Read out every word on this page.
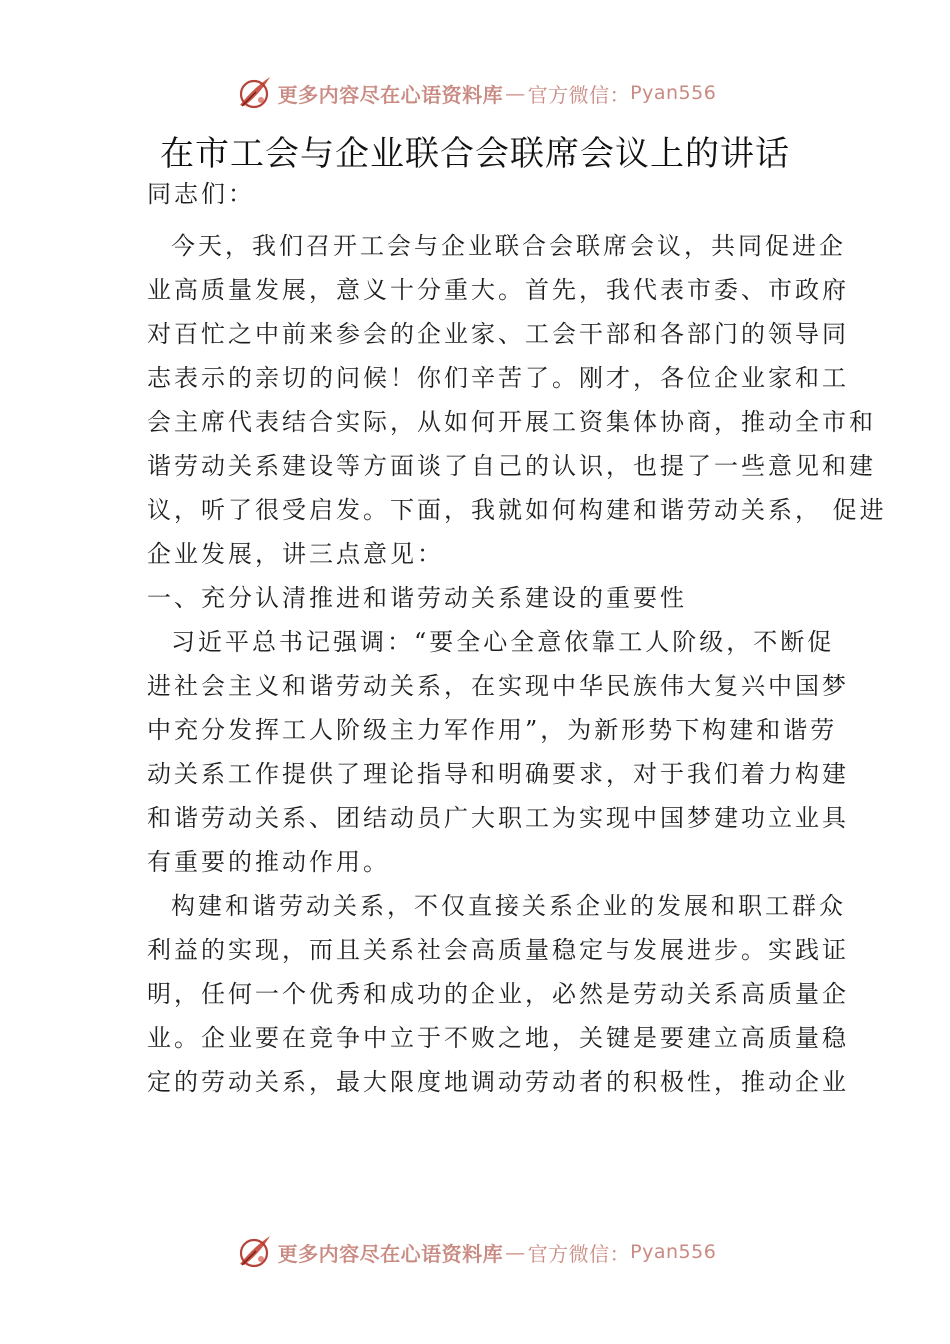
更多内容尽在心语资料库 — 官方微信： Pyan556
在市工会与企业联合会联席会议上的讲话
同志们：

今天，我们召开工会与企业联合会联席会议，共同促进企
业高质量发展，意义十分重大。首先，我代表市委、市政府
对百忙之中前来参会的企业家、工会干部和各部门的领导同
志表示的亲切的问候！你们辛苦了。刚才，各位企业家和工
会主席代表结合实际，从如何开展工资集体协商，推动全市和
谐劳动关系建设等方面谈了自己的认识，也提了一些意见和建
议，听了很受启发。下面，我就如何构建和谐劳动关系， 促进
企业发展，讲三点意见：

一、充分认清推进和谐劳动关系建设的重要性

习近平总书记强调：“要全心全意依靠工人阶级，不断促
进社会主义和谐劳动关系，在实现中华民族伟大复兴中国梦
中充分发挥工人阶级主力军作用”，为新形势下构建和谐劳
动关系工作提供了理论指导和明确要求，对于我们着力构建
和谐劳动关系、团结动员广大职工为实现中国梦建功立业具
有重要的推动作用。

构建和谐劳动关系，不仅直接关系企业的发展和职工群众
利益的实现，而且关系社会高质量稳定与发展进步。实践证
明，任何一个优秀和成功的企业，必然是劳动关系高质量企
业。企业要在竞争中立于不败之地，关键是要建立高质量稳
定的劳动关系，最大限度地调动劳动者的积极性，推动企业

更多内容尽在心语资料库 — 官方微信： Pyan556
